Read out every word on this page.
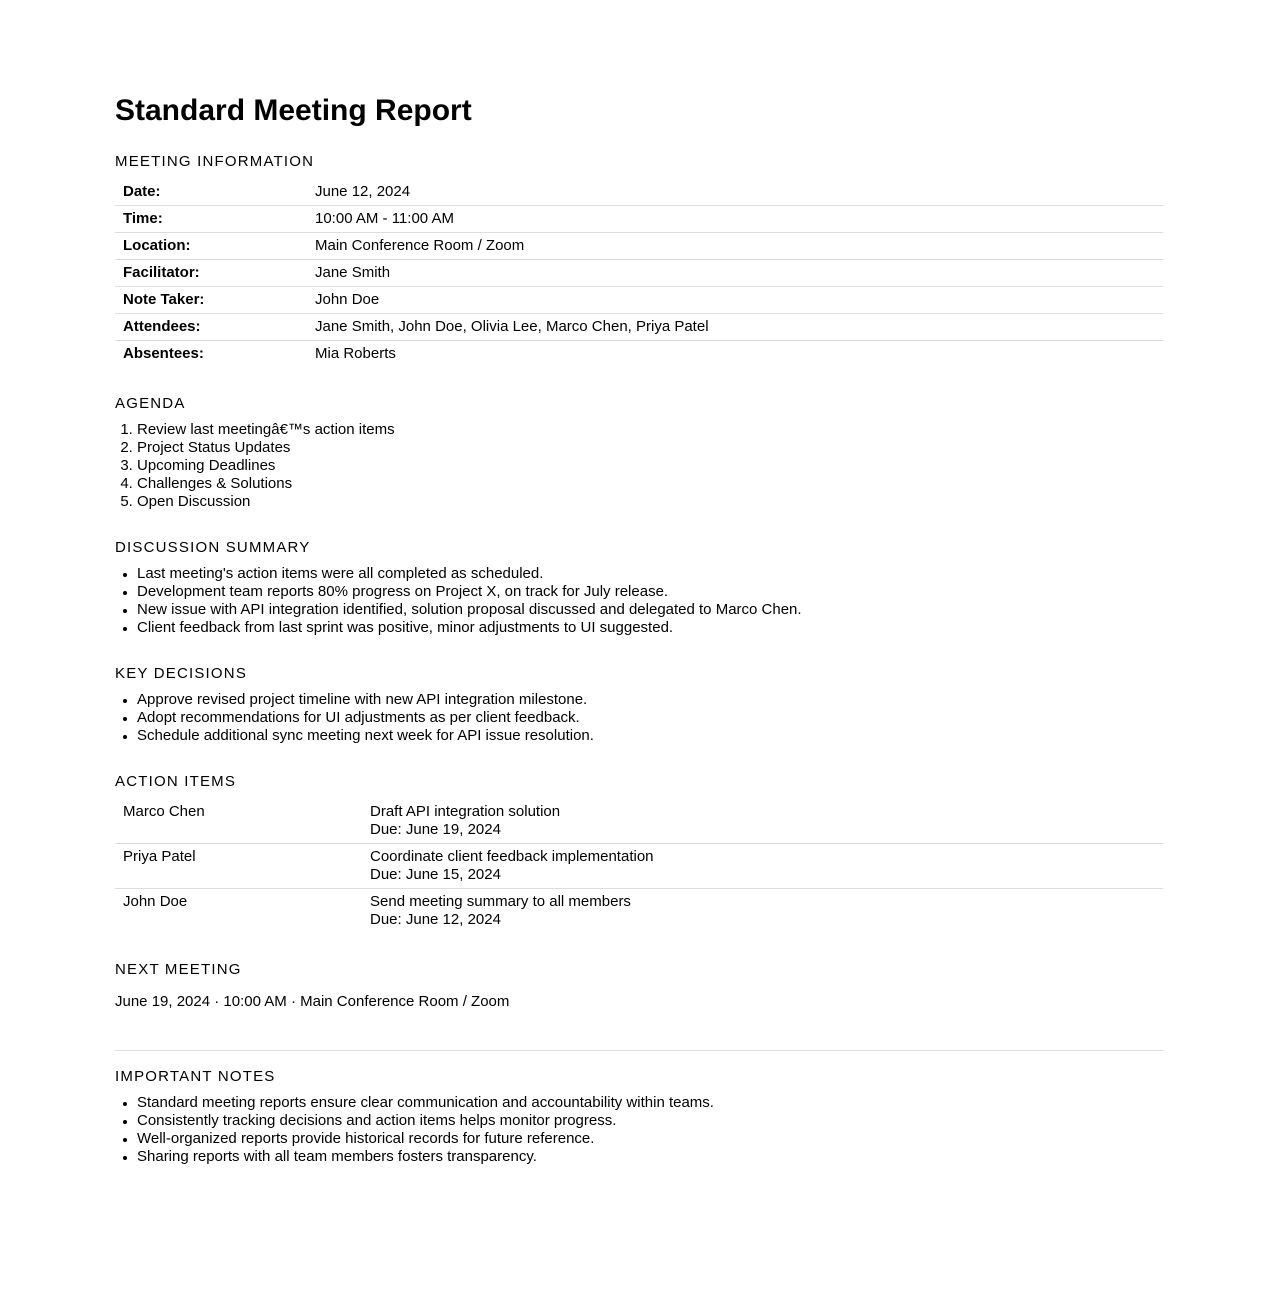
Standard Meeting Report
MEETING INFORMATION
Date:	June 12, 2024
Time:	10:00 AM - 11:00 AM
Location:	Main Conference Room / Zoom
Facilitator:	Jane Smith
Note Taker:	John Doe
Attendees:	Jane Smith, John Doe, Olivia Lee, Marco Chen, Priya Patel
Absentees:	Mia Roberts
AGENDA
1. Review last meetingâ€™s action items
2. Project Status Updates
3. Upcoming Deadlines
4. Challenges & Solutions
5. Open Discussion
DISCUSSION SUMMARY
• Last meeting's action items were all completed as scheduled.
• Development team reports 80% progress on Project X, on track for July release.
• New issue with API integration identified, solution proposal discussed and delegated to Marco Chen.
• Client feedback from last sprint was positive, minor adjustments to UI suggested.
KEY DECISIONS
• Approve revised project timeline with new API integration milestone.
• Adopt recommendations for UI adjustments as per client feedback.
• Schedule additional sync meeting next week for API issue resolution.
ACTION ITEMS
Marco Chen	Draft API integration solution
Due: June 19, 2024

Priya Patel	Coordinate client feedback implementation
Due: June 15, 2024

John Doe	Send meeting summary to all members
Due: June 12, 2024
NEXT MEETING

June 19, 2024 · 10:00 AM · Main Conference Room / Zoom

IMPORTANT NOTES
• Standard meeting reports ensure clear communication and accountability within teams.
• Consistently tracking decisions and action items helps monitor progress.
• Well-organized reports provide historical records for future reference.
• Sharing reports with all team members fosters transparency.
